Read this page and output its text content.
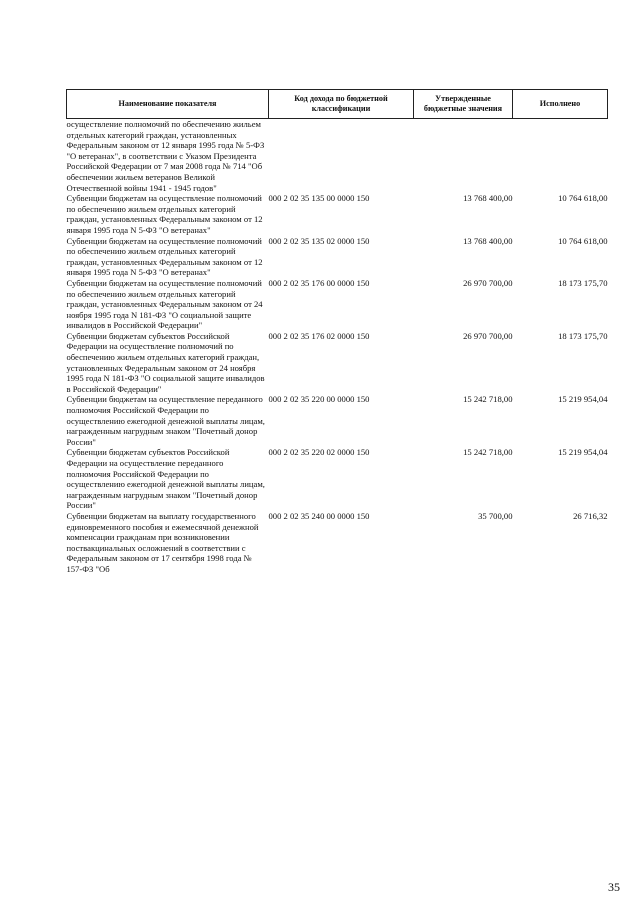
Наименование показателя	Код дохода по бюджетной классификации	Утвержденные бюджетные значения	Исполнено
осуществление полномочий по обеспечению жильем отдельных категорий граждан, установленных Федеральным законом от 12 января 1995 года № 5-ФЗ "О ветеранах", в соответствии с Указом Президента Российской Федерации от 7 мая 2008 года № 714 "Об обеспечении жильем ветеранов Великой Отечественной войны 1941 - 1945 годов"			
Субвенции бюджетам на осуществление полномочий по обеспечению жильем отдельных категорий граждан, установленных Федеральным законом от 12 января 1995 года N 5-ФЗ "О ветеранах"	000 2 02 35 135 00 0000 150	13 768 400,00	10 764 618,00
Субвенции бюджетам на осуществление полномочий по обеспечению жильем отдельных категорий граждан, установленных Федеральным законом от 12 января 1995 года N 5-ФЗ "О ветеранах"	000 2 02 35 135 02 0000 150	13 768 400,00	10 764 618,00
Субвенции бюджетам на осуществление полномочий по обеспечению жильем отдельных категорий граждан, установленных Федеральным законом от 24 ноября 1995 года N 181-ФЗ "О социальной защите инвалидов в Российской Федерации"	000 2 02 35 176 00 0000 150	26 970 700,00	18 173 175,70
Субвенции бюджетам субъектов Российской Федерации на осуществление полномочий по обеспечению жильем отдельных категорий граждан, установленных Федеральным законом от 24 ноября 1995 года N 181-ФЗ "О социальной защите инвалидов в Российской Федерации"	000 2 02 35 176 02 0000 150	26 970 700,00	18 173 175,70
Субвенции бюджетам на осуществление переданного полномочия Российской Федерации по осуществлению ежегодной денежной выплаты лицам, награжденным нагрудным знаком "Почетный донор России"	000 2 02 35 220 00 0000 150	15 242 718,00	15 219 954,04
Субвенции бюджетам субъектов Российской Федерации на осуществление переданного полномочия Российской Федерации по осуществлению ежегодной денежной выплаты лицам, награжденным нагрудным знаком "Почетный донор России"	000 2 02 35 220 02 0000 150	15 242 718,00	15 219 954,04
Субвенции бюджетам на выплату государственного единовременного пособия и ежемесячной денежной компенсации гражданам при возникновении поствакцинальных осложнений в соответствии с Федеральным законом от 17 сентября 1998 года № 157-ФЗ "Об	000 2 02 35 240 00 0000 150	35 700,00	26 716,32
35
